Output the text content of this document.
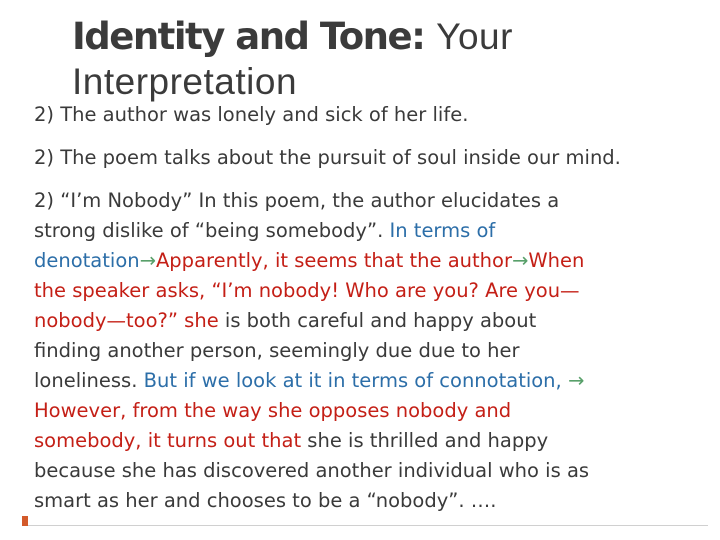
Identity and Tone: Your Interpretation
2) The author was lonely and sick of her life.
2) The poem talks about the pursuit of soul inside our mind.
2) “I’m Nobody” In this poem, the author elucidates a
strong dislike of “being somebody”. In terms of
denotation→Apparently, it seems that the author→When
the speaker asks, “I’m nobody! Who are you? Are you—
nobody—too?” she is both careful and happy about
finding another person, seemingly due due to her
loneliness. But if we look at it in terms of connotation, →
However, from the way she opposes nobody and
somebody, it turns out that she is thrilled and happy
because she has discovered another individual who is as
smart as her and chooses to be a “nobody”. ….
